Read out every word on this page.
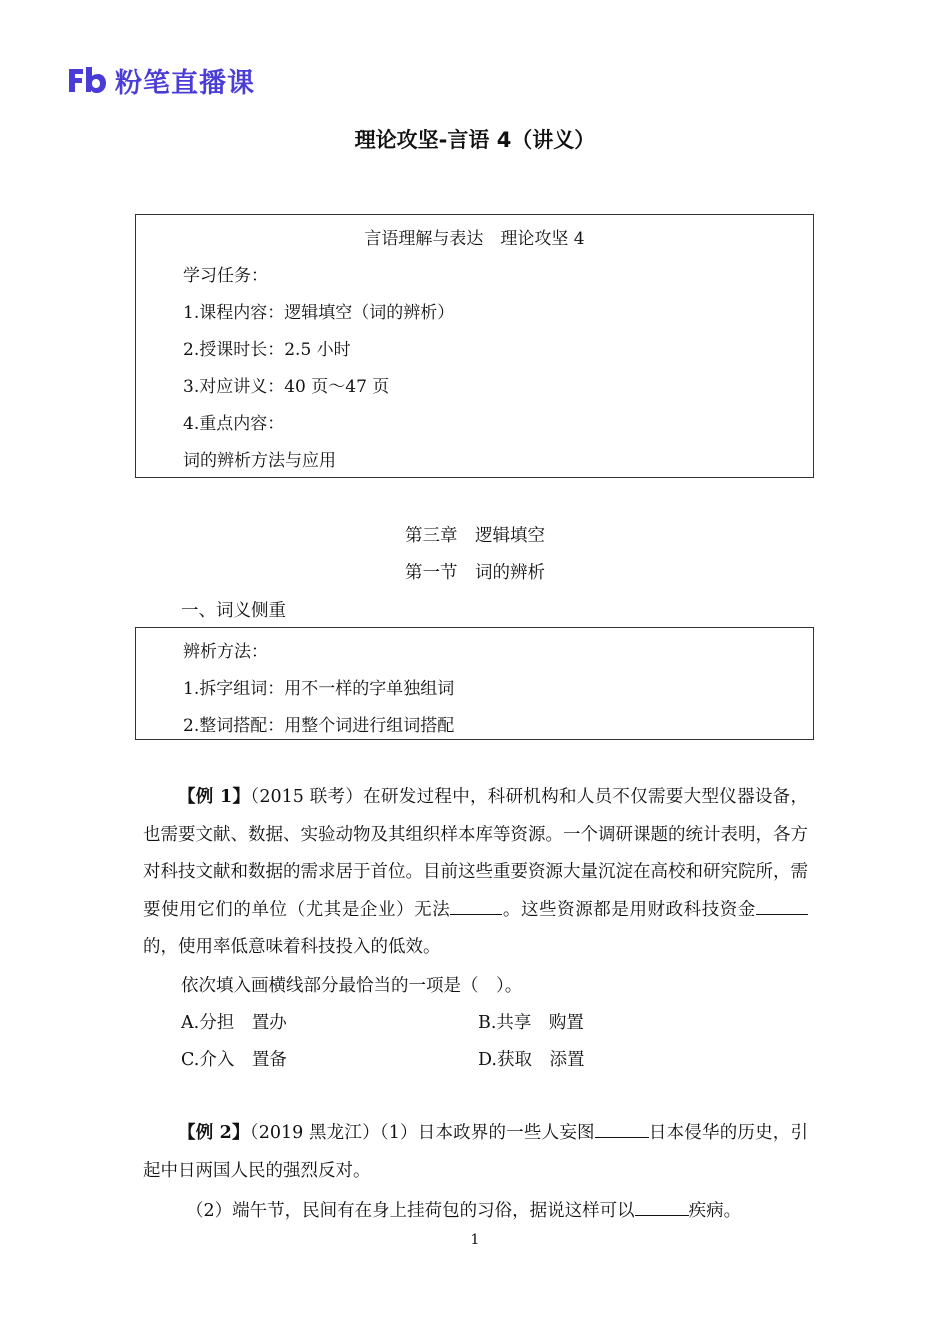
粉笔直播课
理论攻坚-言语 4（讲义）
言语理解与表达　理论攻坚 4
学习任务：
1.课程内容：逻辑填空（词的辨析）
2.授课时长：2.5 小时
3.对应讲义：40 页～47 页
4.重点内容：
词的辨析方法与应用
第三章　逻辑填空
第一节　词的辨析
一、词义侧重
辨析方法：
1.拆字组词：用不一样的字单独组词
2.整词搭配：用整个词进行组词搭配
【例 1】（2015 联考）在研发过程中，科研机构和人员不仅需要大型仪器设备，也需要文献、数据、实验动物及其组织样本库等资源。一个调研课题的统计表明，各方对科技文献和数据的需求居于首位。目前这些重要资源大量沉淀在高校和研究院所，需要使用它们的单位（尤其是企业）无法	。这些资源都是用财政科技资金的，使用率低意味着科技投入的低效。
依次填入画横线部分最恰当的一项是（　）。
A.分担　置办	B.共享　购置
C.介入　置备	D.获取　添置
【例 2】（2019 黑龙江）（1）日本政界的一些人妄图	日本侵华的历史，引起中日两国人民的强烈反对。
（2）端午节，民间有在身上挂荷包的习俗，据说这样可以	疾病。
1
